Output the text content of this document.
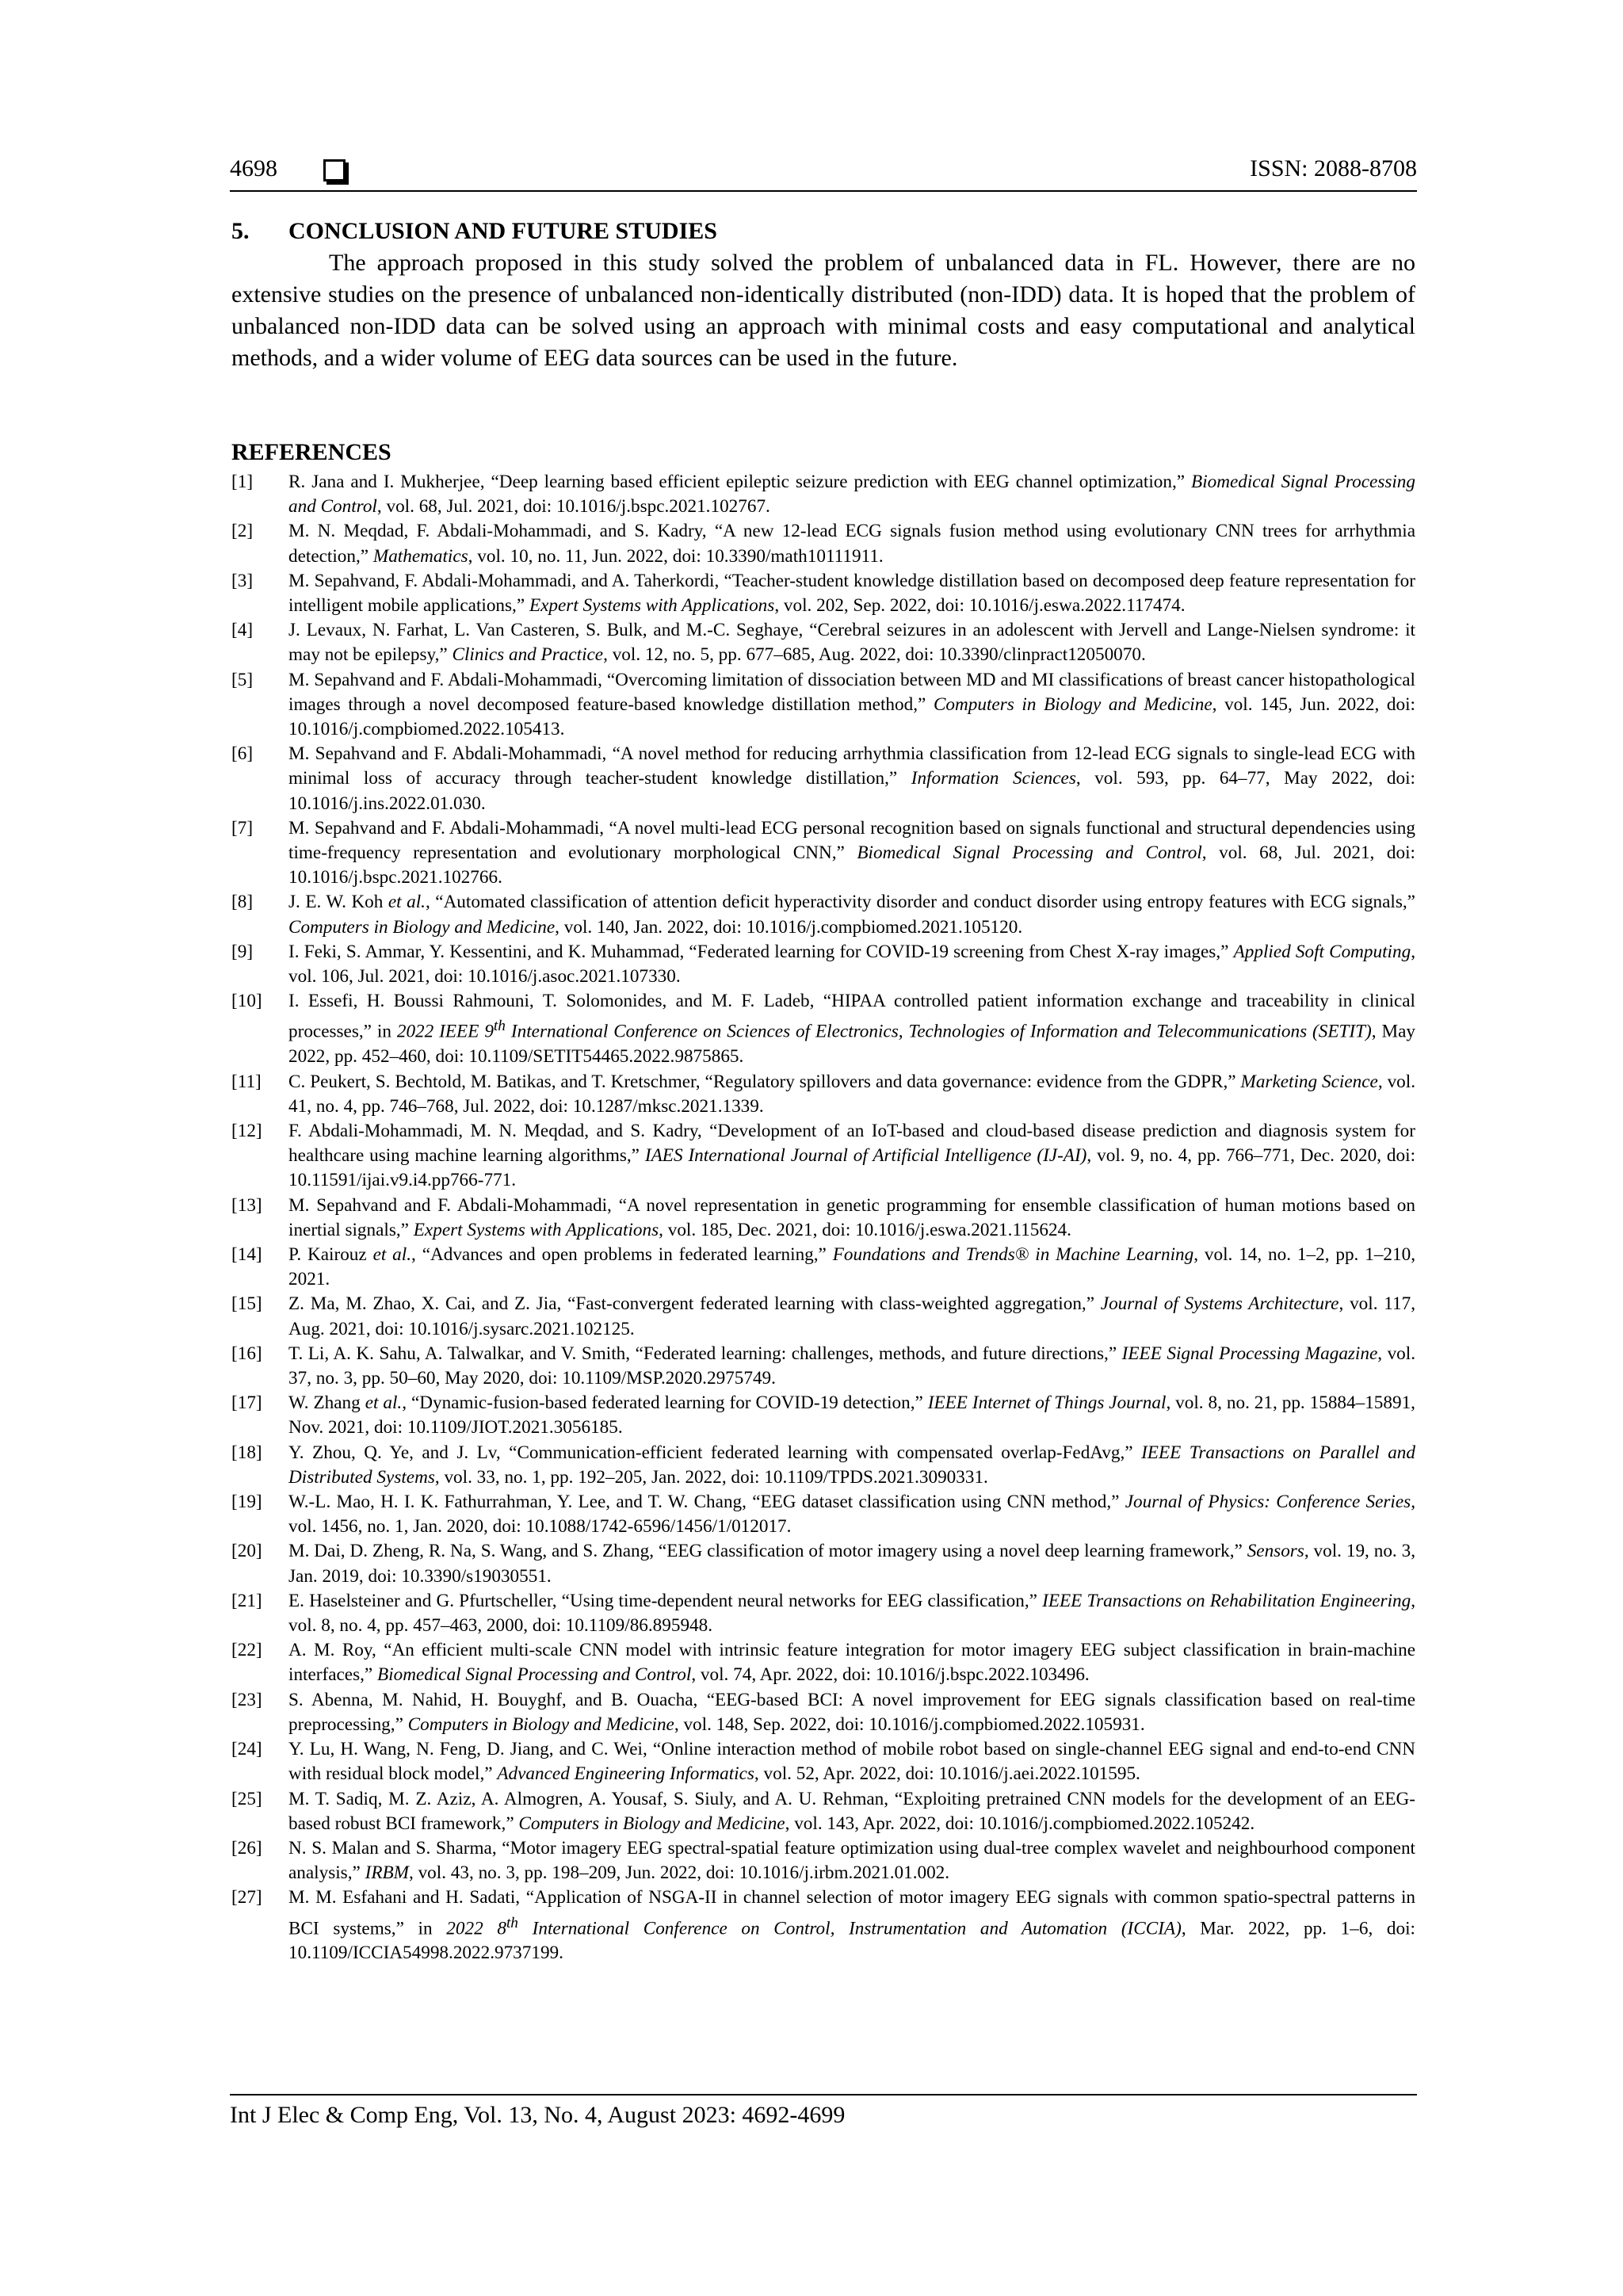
4698	ISSN: 2088-8708

5. CONCLUSION AND FUTURE STUDIES

The approach proposed in this study solved the problem of unbalanced data in FL. However, there are no extensive studies on the presence of unbalanced non-identically distributed (non-IDD) data. It is hoped that the problem of unbalanced non-IDD data can be solved using an approach with minimal costs and easy computational and analytical methods, and a wider volume of EEG data sources can be used in the future.

REFERENCES

[1] R. Jana and I. Mukherjee, “Deep learning based efficient epileptic seizure prediction with EEG channel optimization,” Biomedical Signal Processing and Control, vol. 68, Jul. 2021, doi: 10.1016/j.bspc.2021.102767.

[2] M. N. Meqdad, F. Abdali-Mohammadi, and S. Kadry, “A new 12-lead ECG signals fusion method using evolutionary CNN trees for arrhythmia detection,” Mathematics, vol. 10, no. 11, Jun. 2022, doi: 10.3390/math10111911.

[3] M. Sepahvand, F. Abdali-Mohammadi, and A. Taherkordi, “Teacher-student knowledge distillation based on decomposed deep feature representation for intelligent mobile applications,” Expert Systems with Applications, vol. 202, Sep. 2022, doi: 10.1016/j.eswa.2022.117474.

[4] J. Levaux, N. Farhat, L. Van Casteren, S. Bulk, and M.-C. Seghaye, “Cerebral seizures in an adolescent with Jervell and Lange-Nielsen syndrome: it may not be epilepsy,” Clinics and Practice, vol. 12, no. 5, pp. 677–685, Aug. 2022, doi: 10.3390/clinpract12050070.

[5] M. Sepahvand and F. Abdali-Mohammadi, “Overcoming limitation of dissociation between MD and MI classifications of breast cancer histopathological images through a novel decomposed feature-based knowledge distillation method,” Computers in Biology and Medicine, vol. 145, Jun. 2022, doi: 10.1016/j.compbiomed.2022.105413.

[6] M. Sepahvand and F. Abdali-Mohammadi, “A novel method for reducing arrhythmia classification from 12-lead ECG signals to single-lead ECG with minimal loss of accuracy through teacher-student knowledge distillation,” Information Sciences, vol. 593, pp. 64–77, May 2022, doi: 10.1016/j.ins.2022.01.030.

[7] M. Sepahvand and F. Abdali-Mohammadi, “A novel multi-lead ECG personal recognition based on signals functional and structural dependencies using time-frequency representation and evolutionary morphological CNN,” Biomedical Signal Processing and Control, vol. 68, Jul. 2021, doi: 10.1016/j.bspc.2021.102766.

[8] J. E. W. Koh et al., “Automated classification of attention deficit hyperactivity disorder and conduct disorder using entropy features with ECG signals,” Computers in Biology and Medicine, vol. 140, Jan. 2022, doi: 10.1016/j.compbiomed.2021.105120.

[9] I. Feki, S. Ammar, Y. Kessentini, and K. Muhammad, “Federated learning for COVID-19 screening from Chest X-ray images,” Applied Soft Computing, vol. 106, Jul. 2021, doi: 10.1016/j.asoc.2021.107330.

[10] I. Essefi, H. Boussi Rahmouni, T. Solomonides, and M. F. Ladeb, “HIPAA controlled patient information exchange and traceability in clinical processes,” in 2022 IEEE 9th International Conference on Sciences of Electronics, Technologies of Information and Telecommunications (SETIT), May 2022, pp. 452–460, doi: 10.1109/SETIT54465.2022.9875865.

[11] C. Peukert, S. Bechtold, M. Batikas, and T. Kretschmer, “Regulatory spillovers and data governance: evidence from the GDPR,” Marketing Science, vol. 41, no. 4, pp. 746–768, Jul. 2022, doi: 10.1287/mksc.2021.1339.

[12] F. Abdali-Mohammadi, M. N. Meqdad, and S. Kadry, “Development of an IoT-based and cloud-based disease prediction and diagnosis system for healthcare using machine learning algorithms,” IAES International Journal of Artificial Intelligence (IJ-AI), vol. 9, no. 4, pp. 766–771, Dec. 2020, doi: 10.11591/ijai.v9.i4.pp766-771.

[13] M. Sepahvand and F. Abdali-Mohammadi, “A novel representation in genetic programming for ensemble classification of human motions based on inertial signals,” Expert Systems with Applications, vol. 185, Dec. 2021, doi: 10.1016/j.eswa.2021.115624.

[14] P. Kairouz et al., “Advances and open problems in federated learning,” Foundations and Trends® in Machine Learning, vol. 14, no. 1–2, pp. 1–210, 2021.

[15] Z. Ma, M. Zhao, X. Cai, and Z. Jia, “Fast-convergent federated learning with class-weighted aggregation,” Journal of Systems Architecture, vol. 117, Aug. 2021, doi: 10.1016/j.sysarc.2021.102125.

[16] T. Li, A. K. Sahu, A. Talwalkar, and V. Smith, “Federated learning: challenges, methods, and future directions,” IEEE Signal Processing Magazine, vol. 37, no. 3, pp. 50–60, May 2020, doi: 10.1109/MSP.2020.2975749.

[17] W. Zhang et al., “Dynamic-fusion-based federated learning for COVID-19 detection,” IEEE Internet of Things Journal, vol. 8, no. 21, pp. 15884–15891, Nov. 2021, doi: 10.1109/JIOT.2021.3056185.

[18] Y. Zhou, Q. Ye, and J. Lv, “Communication-efficient federated learning with compensated overlap-FedAvg,” IEEE Transactions on Parallel and Distributed Systems, vol. 33, no. 1, pp. 192–205, Jan. 2022, doi: 10.1109/TPDS.2021.3090331.

[19] W.-L. Mao, H. I. K. Fathurrahman, Y. Lee, and T. W. Chang, “EEG dataset classification using CNN method,” Journal of Physics: Conference Series, vol. 1456, no. 1, Jan. 2020, doi: 10.1088/1742-6596/1456/1/012017.

[20] M. Dai, D. Zheng, R. Na, S. Wang, and S. Zhang, “EEG classification of motor imagery using a novel deep learning framework,” Sensors, vol. 19, no. 3, Jan. 2019, doi: 10.3390/s19030551.

[21] E. Haselsteiner and G. Pfurtscheller, “Using time-dependent neural networks for EEG classification,” IEEE Transactions on Rehabilitation Engineering, vol. 8, no. 4, pp. 457–463, 2000, doi: 10.1109/86.895948.

[22] A. M. Roy, “An efficient multi-scale CNN model with intrinsic feature integration for motor imagery EEG subject classification in brain-machine interfaces,” Biomedical Signal Processing and Control, vol. 74, Apr. 2022, doi: 10.1016/j.bspc.2022.103496.

[23] S. Abenna, M. Nahid, H. Bouyghf, and B. Ouacha, “EEG-based BCI: A novel improvement for EEG signals classification based on real-time preprocessing,” Computers in Biology and Medicine, vol. 148, Sep. 2022, doi: 10.1016/j.compbiomed.2022.105931.

[24] Y. Lu, H. Wang, N. Feng, D. Jiang, and C. Wei, “Online interaction method of mobile robot based on single-channel EEG signal and end-to-end CNN with residual block model,” Advanced Engineering Informatics, vol. 52, Apr. 2022, doi: 10.1016/j.aei.2022.101595.

[25] M. T. Sadiq, M. Z. Aziz, A. Almogren, A. Yousaf, S. Siuly, and A. U. Rehman, “Exploiting pretrained CNN models for the development of an EEG-based robust BCI framework,” Computers in Biology and Medicine, vol. 143, Apr. 2022, doi: 10.1016/j.compbiomed.2022.105242.

[26] N. S. Malan and S. Sharma, “Motor imagery EEG spectral-spatial feature optimization using dual-tree complex wavelet and neighbourhood component analysis,” IRBM, vol. 43, no. 3, pp. 198–209, Jun. 2022, doi: 10.1016/j.irbm.2021.01.002.

[27] M. M. Esfahani and H. Sadati, “Application of NSGA-II in channel selection of motor imagery EEG signals with common spatio-spectral patterns in BCI systems,” in 2022 8th International Conference on Control, Instrumentation and Automation (ICCIA), Mar. 2022, pp. 1–6, doi: 10.1109/ICCIA54998.2022.9737199.

Int J Elec & Comp Eng, Vol. 13, No. 4, August 2023: 4692-4699
